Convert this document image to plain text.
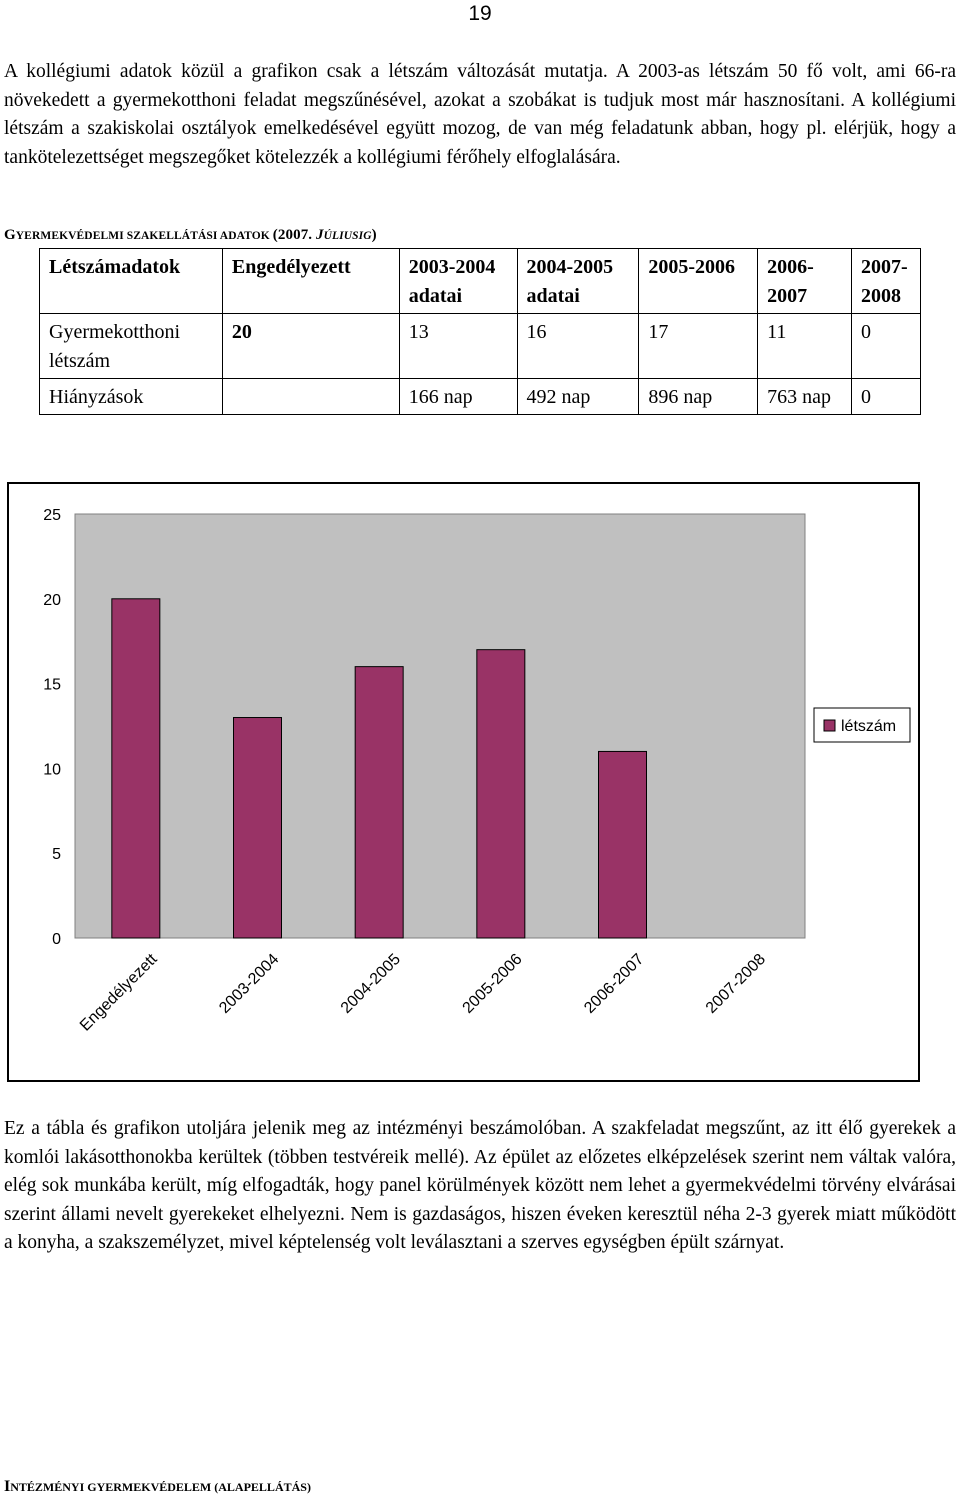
19

A kollégiumi adatok közül a grafikon csak a létszám változását mutatja. A 2003-as létszám 50 fő volt, ami 66-ra növekedett a gyermekotthoni feladat megszűnésével, azokat a szobákat is tudjuk most már hasznosítani. A kollégiumi létszám a szakiskolai osztályok emelkedésével együtt mozog, de van még feladatunk abban, hogy pl. elérjük, hogy a tankötelezettséget megszegőket kötelezzék a kollégiumi férőhely elfoglalására.

GYERMEKVÉDELMI SZAKELLÁTÁSI ADATOK (2007. JÚLIUSIG)
Létszámadatok	Engedélyezett	2003-2004 adatai	2004-2005 adatai	2005-2006	2006-2007	2007-2008
Gyermekotthoni létszám	20	13	16	17	11	0
Hiányzások		166 nap	492 nap	896 nap	763 nap	0
0
5
10
15
20
25
Engedélyezett	2003-2004	2004-2005	2005-2006	2006-2007	2007-2008
létszám

Ez a tábla és grafikon utoljára jelenik meg az intézményi beszámolóban. A szakfeladat megszűnt, az itt élő gyerekek a komlói lakásotthonokba kerültek (többen testvéreik mellé). Az épület az előzetes elképzelések szerint nem váltak valóra, elég sok munkába került, míg elfogadták, hogy panel körülmények között nem lehet a gyermekvédelmi törvény elvárásai szerint állami nevelt gyerekeket elhelyezni. Nem is gazdaságos, hiszen éveken keresztül néha 2-3 gyerek miatt működött a konyha, a szakszemélyzet, mivel képtelenség volt leválasztani a szerves egységben épült szárnyat.

INTÉZMÉNYI GYERMEKVÉDELEM (ALAPELLÁTÁS)
